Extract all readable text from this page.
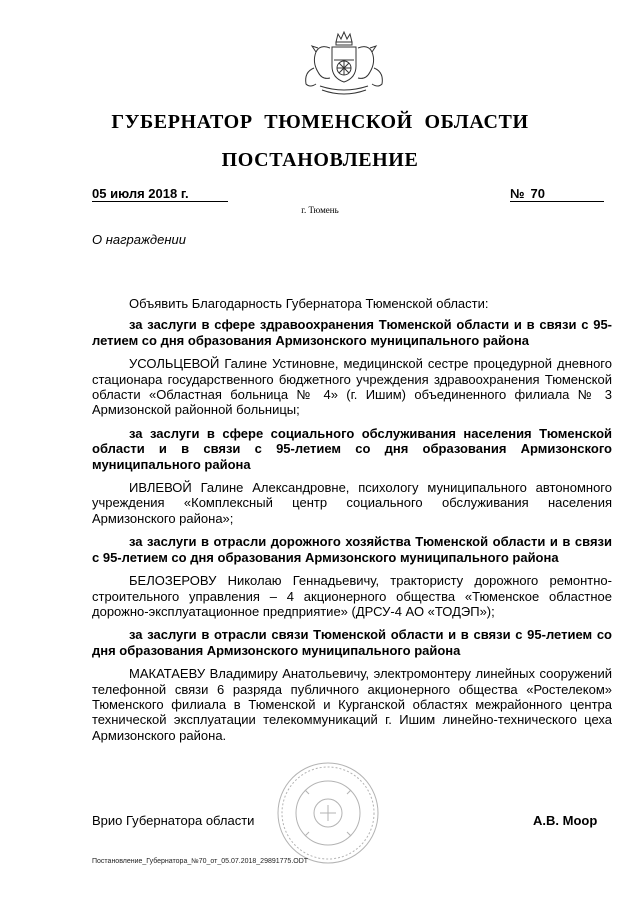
ГУБЕРНАТОР ТЮМЕНСКОЙ ОБЛАСТИ
ПОСТАНОВЛЕНИЕ
05 июля 2018 г.	№ 70
г. Тюмень
О награждении

Объявить Благодарность Губернатора Тюменской области:

за заслуги в сфере здравоохранения Тюменской области и в связи с 95-летием со дня образования Армизонского муниципального района

УСОЛЬЦЕВОЙ Галине Устиновне, медицинской сестре процедурной дневного стационара государственного бюджетного учреждения здравоохранения Тюменской области «Областная больница № 4» (г. Ишим) объединенного филиала № 3 Армизонской районной больницы;

за заслуги в сфере социального обслуживания населения Тюменской области и в связи с 95-летием со дня образования Армизонского муниципального района

ИВЛЕВОЙ Галине Александровне, психологу муниципального автономного учреждения «Комплексный центр социального обслуживания населения Армизонского района»;

за заслуги в отрасли дорожного хозяйства Тюменской области и в связи с 95-летием со дня образования Армизонского муниципального района

БЕЛОЗЕРОВУ Николаю Геннадьевичу, трактористу дорожного ремонтно-строительного управления – 4 акционерного общества «Тюменское областное дорожно-эксплуатационное предприятие» (ДРСУ-4 АО «ТОДЭП»);

за заслуги в отрасли связи Тюменской области и в связи с 95-летием со дня образования Армизонского муниципального района

МАКАТАЕВУ Владимиру Анатольевичу, электромонтеру линейных сооружений телефонной связи 6 разряда публичного акционерного общества «Ростелеком» Тюменского филиала в Тюменской и Курганской областях межрайонного центра технической эксплуатации телекоммуникаций г. Ишим линейно-технического цеха Армизонского района.

Врио Губернатора области	А.В. Моор
Постановление_Губернатора_№70_от_05.07.2018_29891775.ODT
